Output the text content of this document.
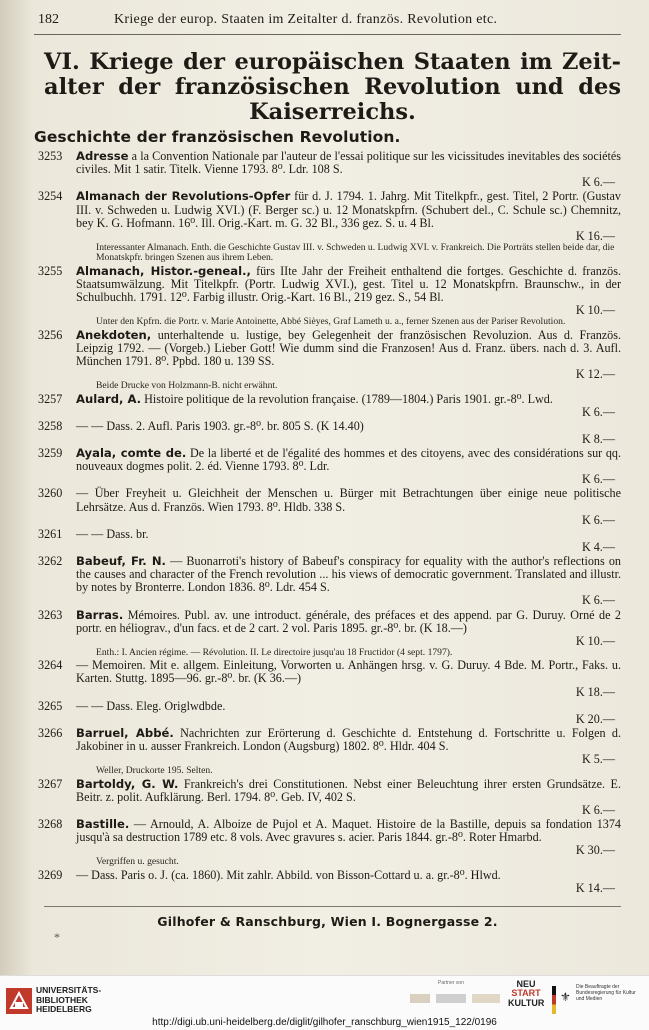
182	Kriege der europ. Staaten im Zeitalter d. französ. Revolution etc.
VI. Kriege der europäischen Staaten im Zeit-alter der französischen Revolution und des Kaiserreichs.
Geschichte der französischen Revolution.
3253 Adresse a la Convention Nationale par l'auteur de l'essai politique sur les vicissitudes inevitables des sociétés civiles. Mit 1 satir. Titelk. Vienne 1793. 8⁰. Ldr. 108 S.
K 6.—
3254 Almanach der Revolutions-Opfer für d. J. 1794. 1. Jahrg. Mit Titelkpfr., gest. Titel, 2 Portr. (Gustav III. v. Schweden u. Ludwig XVI.) (F. Berger sc.) u. 12 Monatskpfrn. (Schubert del., C. Schule sc.) Chemnitz, bey K. G. Hofmann. 16⁰. Ill. Orig.-Kart. m. G. 32 Bl., 336 gez. S. u. 4 Bl.
K 16.—
Interessanter Almanach. Enth. die Geschichte Gustav III. v. Schweden u. Ludwig XVI. v. Frankreich. Die Porträts stellen beide dar, die Monatskpfr. bringen Szenen aus ihrem Leben.
3255 Almanach, Histor.-geneal., fürs IIte Jahr der Freiheit enthaltend die fortges. Geschichte d. französ. Staatsumwälzung. Mit Titelkpfr. (Portr. Ludwig XVI.), gest. Titel u. 12 Monatskpfrn. Braunschw., in der Schulbuchh. 1791. 12⁰. Farbig illustr. Orig.-Kart. 16 Bl., 219 gez. S., 54 Bl.
K 10.—
Unter den Kpfrn. die Portr. v. Marie Antoinette, Abbé Sièyes, Graf Lameth u. a., ferner Szenen aus der Pariser Revolution.
3256 Anekdoten, unterhaltende u. lustige, bey Gelegenheit der französischen Revoluzion. Aus d. Französ. Leipzig 1792. — (Vorgeb.) Lieber Gott! Wie dumm sind die Franzosen! Aus d. Franz. übers. nach d. 3. Aufl. München 1791. 8⁰. Ppbd. 180 u. 139 SS.
K 12.—
Beide Drucke von Holzmann-B. nicht erwähnt.
3257 Aulard, A. Histoire politique de la revolution française. (1789—1804.) Paris 1901. gr.-8⁰. Lwd.
K 6.—
3258 — — Dass. 2. Aufl. Paris 1903. gr.-8⁰. br. 805 S. (K 14.40)
K 8.—
3259 Ayala, comte de. De la liberté et de l'égalité des hommes et des citoyens, avec des considérations sur qq. nouveaux dogmes polit. 2. éd. Vienne 1793. 8⁰. Ldr.
K 6.—
3260 — Über Freyheit u. Gleichheit der Menschen u. Bürger mit Betrachtungen über einige neue politische Lehrsätze. Aus d. Französ. Wien 1793. 8⁰. Hldb. 338 S.
K 6.—
3261 — — Dass. br.
K 4.—
3262 Babeuf, Fr. N. — Buonarroti's history of Babeuf's conspiracy for equality with the author's reflections on the causes and character of the French revolution ... his views of democratic government. Translated and illustr. by notes by Bronterre. London 1836. 8⁰. Ldr. 454 S.
K 6.—
3263 Barras. Mémoires. Publ. av. une introduct. générale, des préfaces et des append. par G. Duruy. Orné de 2 portr. en héliograv., d'un facs. et de 2 cart. 2 vol. Paris 1895. gr.-8⁰. br. (K 18.—)
K 10.—
Enth.: I. Ancien régime. — Révolution. II. Le directoire jusqu'au 18 Fructidor (4 sept. 1797).
3264 — Memoiren. Mit e. allgem. Einleitung, Vorworten u. Anhängen hrsg. v. G. Duruy. 4 Bde. M. Portr., Faks. u. Karten. Stuttg. 1895—96. gr.-8⁰. br. (K 36.—)
K 18.—
3265 — — Dass. Eleg. Origlwdbde.
K 20.—
3266 Barruel, Abbé. Nachrichten zur Erörterung d. Geschichte d. Entstehung d. Fortschritte u. Folgen d. Jakobiner in u. ausser Frankreich. London (Augsburg) 1802. 8⁰. Hldr. 404 S.
K 5.—
Weller, Druckorte 195. Selten.
3267 Bartoldy, G. W. Frankreich's drei Constitutionen. Nebst einer Beleuchtung ihrer ersten Grundsätze. E. Beitr. z. polit. Aufklärung. Berl. 1794. 8⁰. Geb. IV, 402 S.
K 6.—
3268 Bastille. — Arnould, A. Alboize de Pujol et A. Maquet. Histoire de la Bastille, depuis sa fondation 1374 jusqu'à sa destruction 1789 etc. 8 vols. Avec gravures s. acier. Paris 1844. gr.-8⁰. Roter Hmarbd.
K 30.—
Vergriffen u. gesucht.
3269 — Dass. Paris o. J. (ca. 1860). Mit zahlr. Abbild. von Bisson-Cottard u. a. gr.-8⁰. Hlwd.
K 14.—
Gilhofer & Ranschburg, Wien I. Bognergasse 2.
*
UNIVERSITÄTS-
BIBLIOTHEK
HEIDELBERG
Partner von	NEU
START
KULTUR ⚜
Die Beauftragte der Bundesregierung für Kultur und Medien
http://digi.ub.uni-heidelberg.de/diglit/gilhofer_ranschburg_wien1915_122/0196
